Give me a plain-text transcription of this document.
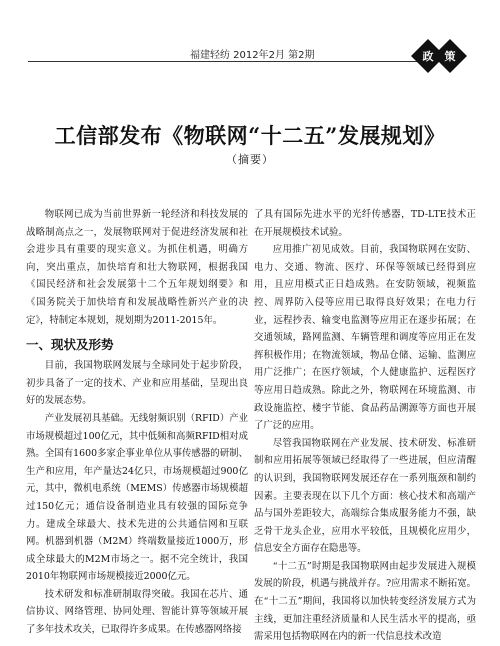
福建轻纺 2012年2月 第2期	政	策
工信部发布《物联网“十二五”发展规划》
（摘要）

物联网已成为当前世界新一轮经济和科技发展的战略制高点之一，发展物联网对于促进经济发展和社会进步具有重要的现实意义。为抓住机遇，明确方向，突出重点，加快培育和壮大物联网，根据我国《国民经济和社会发展第十二个五年规划纲要》和《国务院关于加快培育和发展战略性新兴产业的决定》，特制定本规划，规划期为2011-2015年。

一、现状及形势

目前，我国物联网发展与全球同处于起步阶段，初步具备了一定的技术、产业和应用基础，呈现出良好的发展态势。

产业发展初具基础。无线射频识别（RFID）产业市场规模超过100亿元，其中低频和高频RFID相对成熟。全国有1600多家企事业单位从事传感器的研制、生产和应用，年产量达24亿只，市场规模超过900亿元，其中，微机电系统（MEMS）传感器市场规模超过150亿元；通信设备制造业具有较强的国际竞争力。建成全球最大、技术先进的公共通信网和互联网。机器到机器（M2M）终端数量接近1000万，形成全球最大的M2M市场之一。据不完全统计，我国2010年物联网市场规模接近2000亿元。

技术研发和标准研制取得突破。我国在芯片、通信协议、网络管理、协同处理、智能计算等领域开展了多年技术攻关，已取得许多成果。在传感器网络接

了具有国际先进水平的光纤传感器，TD-LTE技术正在开展规模技术试验。

应用推广初见成效。目前，我国物联网在安防、电力、交通、物流、医疗、环保等领域已经得到应用，且应用模式正日趋成熟。在安防领域，视频监控、周界防入侵等应用已取得良好效果；在电力行业，远程抄表、输变电监测等应用正在逐步拓展；在交通领域，路网监测、车辆管理和调度等应用正在发挥积极作用；在物流领域，物品仓储、运输、监测应用广泛推广；在医疗领域，个人健康监护、远程医疗等应用日趋成熟。除此之外，物联网在环境监测、市政设施监控、楼宇节能、食品药品溯源等方面也开展了广泛的应用。

尽管我国物联网在产业发展、技术研发、标准研制和应用拓展等领域已经取得了一些进展，但应清醒的认识到，我国物联网发展还存在一系列瓶颈和制约因素。主要表现在以下几个方面：核心技术和高端产品与国外差距较大，高端综合集成服务能力不强，缺乏骨干龙头企业，应用水平较低，且规模化应用少，信息安全方面存在隐患等。

“十二五”时期是我国物联网由起步发展进入规模发展的阶段，机遇与挑战并存。?应用需求不断拓宽。在“十二五”期间，我国将以加快转变经济发展方式为主线，更加注重经济质量和人民生活水平的提高，亟需采用包括物联网在内的新一代信息技术改造
